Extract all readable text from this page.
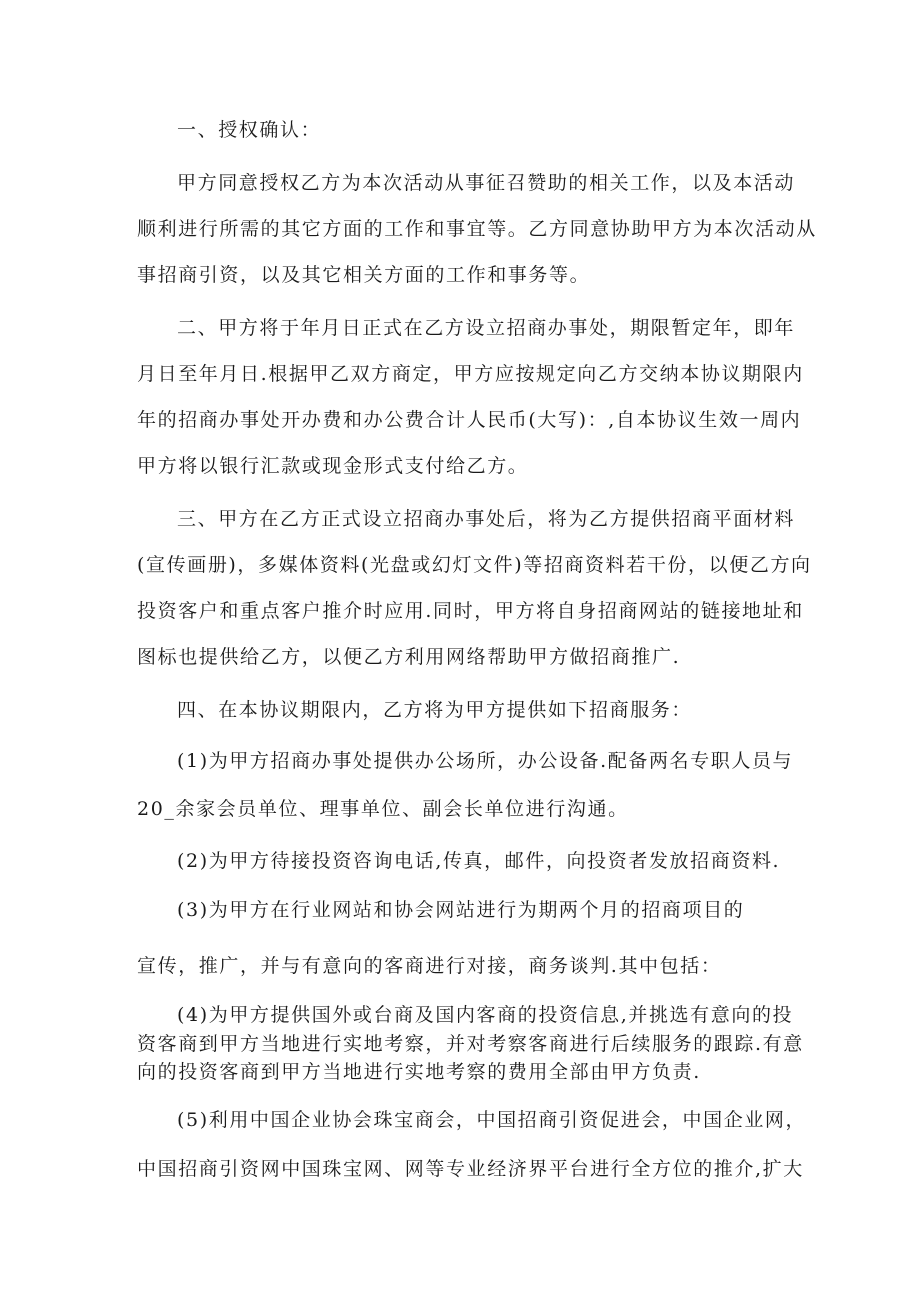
一、授权确认：

甲方同意授权乙方为本次活动从事征召赞助的相关工作，以及本活动

顺利进行所需的其它方面的工作和事宜等。乙方同意协助甲方为本次活动从

事招商引资，以及其它相关方面的工作和事务等。

二、甲方将于年月日正式在乙方设立招商办事处，期限暂定年，即年

月日至年月日.根据甲乙双方商定，甲方应按规定向乙方交纳本协议期限内

年的招商办事处开办费和办公费合计人民币(大写)：,自本协议生效一周内

甲方将以银行汇款或现金形式支付给乙方。

三、甲方在乙方正式设立招商办事处后，将为乙方提供招商平面材料

(宣传画册)，多媒体资料(光盘或幻灯文件)等招商资料若干份，以便乙方向

投资客户和重点客户推介时应用.同时，甲方将自身招商网站的链接地址和

图标也提供给乙方，以便乙方利用网络帮助甲方做招商推广.

四、在本协议期限内，乙方将为甲方提供如下招商服务：

(1)为甲方招商办事处提供办公场所，办公设备.配备两名专职人员与

20_余家会员单位、理事单位、副会长单位进行沟通。

(2)为甲方待接投资咨询电话,传真，邮件，向投资者发放招商资料.

(3)为甲方在行业网站和协会网站进行为期两个月的招商项目的

宣传，推广，并与有意向的客商进行对接，商务谈判.其中包括：

(4)为甲方提供国外或台商及国内客商的投资信息,并挑选有意向的投

资客商到甲方当地进行实地考察，并对考察客商进行后续服务的跟踪.有意

向的投资客商到甲方当地进行实地考察的费用全部由甲方负责.

(5)利用中国企业协会珠宝商会，中国招商引资促进会，中国企业网，

中国招商引资网中国珠宝网、网等专业经济界平台进行全方位的推介,扩大
